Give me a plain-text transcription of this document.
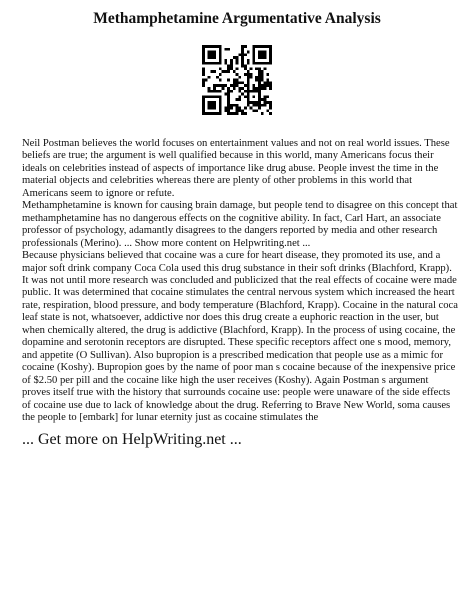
Methamphetamine Argumentative Analysis

Neil Postman believes the world focuses on entertainment values and not on real world issues. These beliefs are true; the argument is well qualified because in this world, many Americans focus their ideals on celebrities instead of aspects of importance like drug abuse. People invest the time in the material objects and celebrities whereas there are plenty of other problems in this world that Americans seem to ignore or refute.

Methamphetamine is known for causing brain damage, but people tend to disagree on this concept that methamphetamine has no dangerous effects on the cognitive ability. In fact, Carl Hart, an associate professor of psychology, adamantly disagrees to the dangers reported by media and other research professionals (Merino). ... Show more content on Helpwriting.net ...

Because physicians believed that cocaine was a cure for heart disease, they promoted its use, and a major soft drink company Coca Cola used this drug substance in their soft drinks (Blachford, Krapp). It was not until more research was concluded and publicized that the real effects of cocaine were made public. It was determined that cocaine stimulates the central nervous system which increased the heart rate, respiration, blood pressure, and body temperature (Blachford, Krapp). Cocaine in the natural coca leaf state is not, whatsoever, addictive nor does this drug create a euphoric reaction in the user, but when chemically altered, the drug is addictive (Blachford, Krapp). In the process of using cocaine, the dopamine and serotonin receptors are disrupted. These specific receptors affect one s mood, memory, and appetite (O Sullivan). Also bupropion is a prescribed medication that people use as a mimic for cocaine (Koshy). Bupropion goes by the name of poor man s cocaine because of the inexpensive price of $2.50 per pill and the cocaine like high the user receives (Koshy). Again Postman s argument proves itself true with the history that surrounds cocaine use: people were unaware of the side effects of cocaine use due to lack of knowledge about the drug. Referring to Brave New World, soma causes the people to [embark] for lunar eternity just as cocaine stimulates the

... Get more on HelpWriting.net ...
